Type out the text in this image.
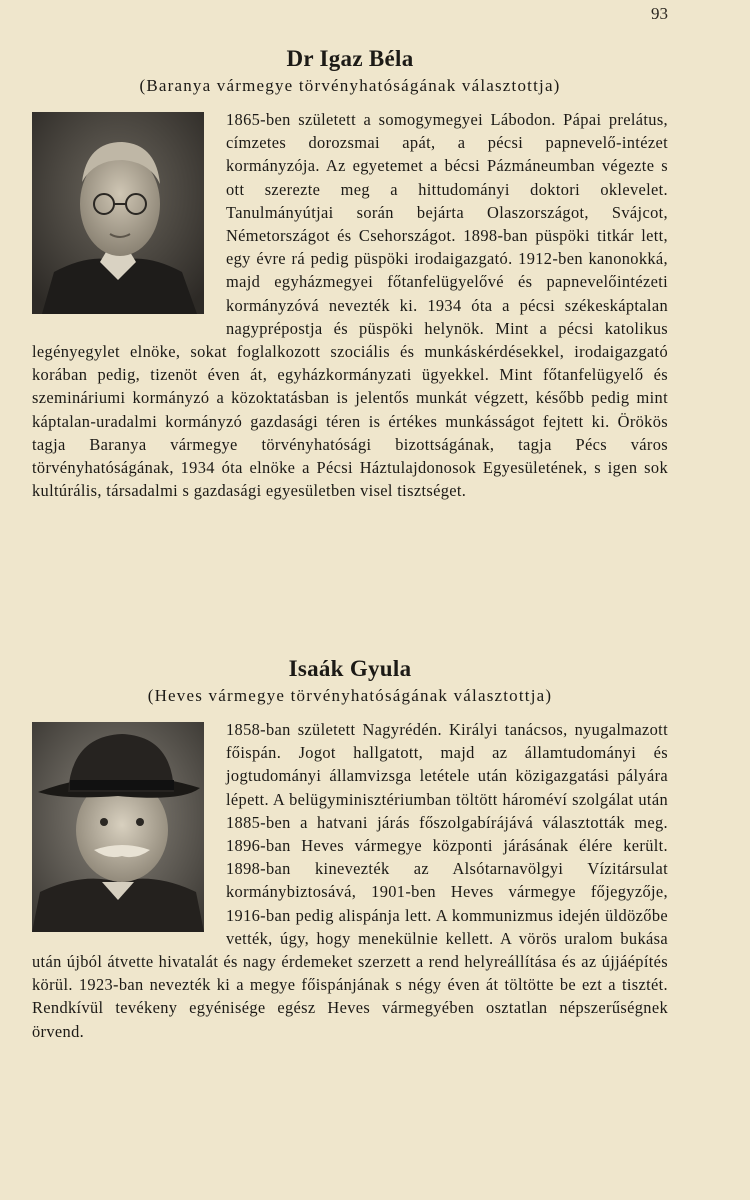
93
Dr Igaz Béla

(Baranya vármegye törvényhatóságának választottja)

1865-ben született a somogymegyei Lábodon. Pápai prelátus, címzetes dorozsmai apát, a pécsi papnevelő-intézet kormányzója. Az egyetemet a bécsi Pázmáneumban végezte s ott szerezte meg a hittudományi doktori oklevelet. Tanulmányútjai során bejárta Olaszországot, Svájcot, Németországot és Csehországot. 1898-ban püspöki titkár lett, egy évre rá pedig püspöki irodaigazgató. 1912-ben kanonokká, majd egyházmegyei főtanfelügyelővé és papnevelőintézeti kormányzóvá nevezték ki. 1934 óta a pécsi székeskáptalan nagyprépostja és püspöki helynök. Mint a pécsi katolikus legényegylet elnöke, sokat foglalkozott szociális és munkáskérdésekkel, irodaigazgató korában pedig, tizenöt éven át, egyházkormányzati ügyekkel. Mint főtanfelügyelő és szemináriumi kormányzó a közoktatásban is jelentős munkát végzett, később pedig mint káptalan-uradalmi kormányzó gazdasági téren is értékes munkásságot fejtett ki. Örökös tagja Baranya vármegye törvényhatósági bizottságának, tagja Pécs város törvényhatóságának, 1934 óta elnöke a Pécsi Háztulajdonosok Egyesületének, s igen sok kultúrális, társadalmi s gazdasági egyesületben visel tisztséget.

Isaák Gyula

(Heves vármegye törvényhatóságának választottja)

1858-ban született Nagyrédén. Királyi tanácsos, nyugalmazott főispán. Jogot hallgatott, majd az államtudományi és jogtudományi államvizsga letétele után közigazgatási pályára lépett. A belügyminisztériumban töltött hároméví szolgálat után 1885-ben a hatvani járás főszolgabírájává választották meg. 1896-ban Heves vármegye központi járásának élére került. 1898-ban kinevezték az Alsótarnavölgyi Vízitársulat kormánybiztosává, 1901-ben Heves vármegye főjegyzője, 1916-ban pedig alispánja lett. A kommunizmus idején üldözőbe vették, úgy, hogy menekülnie kellett. A vörös uralom bukása után újból átvette hivatalát és nagy érdemeket szerzett a rend helyreállítása és az újjáépítés körül. 1923-ban nevezték ki a megye főispánjának s négy éven át töltötte be ezt a tisztét. Rendkívül tevékeny egyénisége egész Heves vármegyében osztatlan népszerűségnek örvend.
